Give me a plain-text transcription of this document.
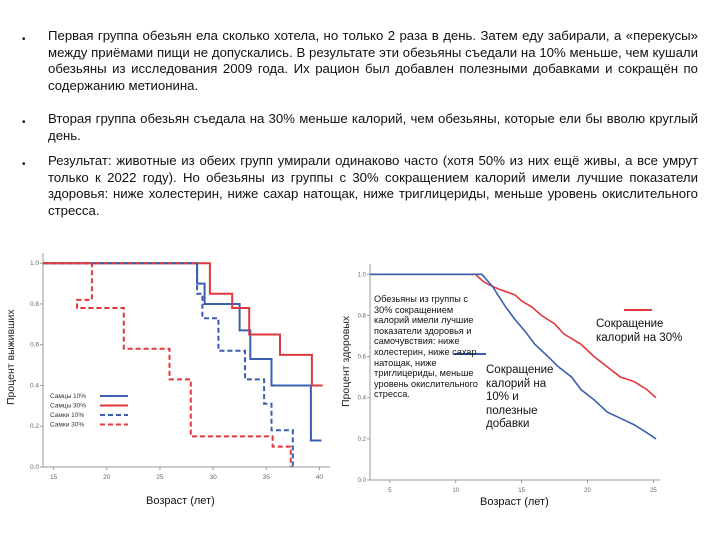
• Первая группа обезьян ела сколько хотела, но только 2 раза в день. Затем еду забирали, а «перекусы» между приёмами пищи не допускались. В результате эти обезьяны съедали на 10% меньше, чем кушали обезьяны из исследования 2009 года. Их рацион был добавлен полезными добавками и сокращён по содержанию метионина.
• Вторая группа обезьян съедала на 30% меньше калорий, чем обезьяны, которые ели бы вволю круглый день.
• Результат: животные из обеих групп умирали одинаково часто (хотя 50% из них ещё живы, а все умрут только к 2022 году). Но обезьяны из группы с 30% сокращением калорий имели лучшие показатели здоровья: ниже холестерин, ниже сахар натощак, ниже триглицериды, меньше уровень окислительного стресса.
Процент выживших
0.0
0.2
0.4
0.6
0.8
1.0
15	20	25	30	35	40
Самцы 10%
Самцы 30%
Самки 10%
Самки 30%
Возраст (лет)
Процент здоровых
0.0
0.2
0.4
0.6
0.8
1.0
5	10	15	20	25
Обезьяны из группы с 30% сокращением калорий имели лучшие показатели здоровья и самочувствия: ниже холестерин, ниже сахар натощак, ниже триглицериды, меньше уровень окислительного стресса.
Сокращение калорий на 30%
Сокращение калорий на 10% и полезные добавки
Возраст (лет)
